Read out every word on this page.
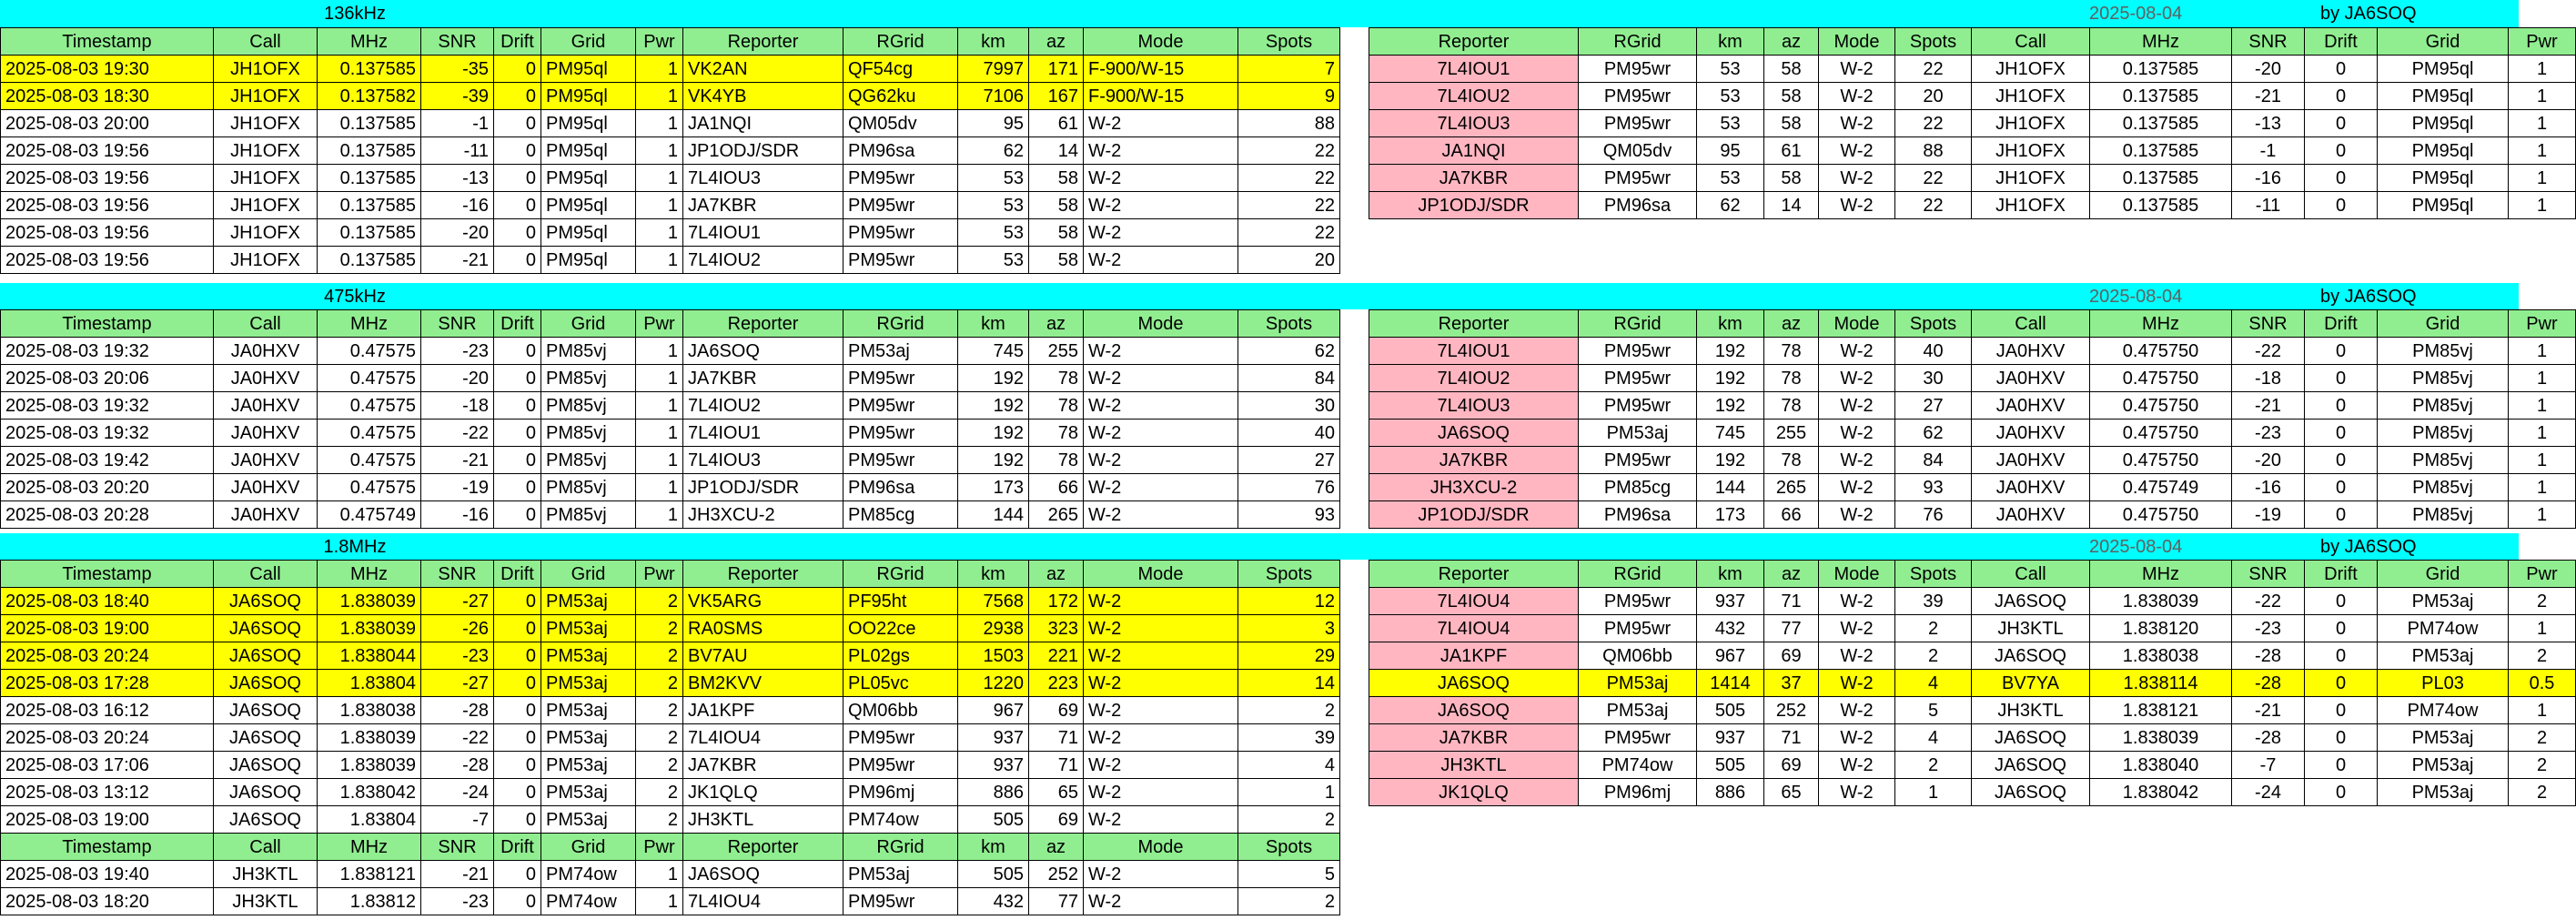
136kHz	2025-08-04	by JA6SOQ
Timestamp	Call	MHz	SNR	Drift	Grid	Pwr	Reporter	RGrid	km	az	Mode	Spots
2025-08-03 19:30	JH1OFX	0.137585	-35	0	PM95ql	1	VK2AN	QF54cg	7997	171	F-900/W-15	7
2025-08-03 18:30	JH1OFX	0.137582	-39	0	PM95ql	1	VK4YB	QG62ku	7106	167	F-900/W-15	9
2025-08-03 20:00	JH1OFX	0.137585	-1	0	PM95ql	1	JA1NQI	QM05dv	95	61	W-2	88
2025-08-03 19:56	JH1OFX	0.137585	-11	0	PM95ql	1	JP1ODJ/SDR	PM96sa	62	14	W-2	22
2025-08-03 19:56	JH1OFX	0.137585	-13	0	PM95ql	1	7L4IOU3	PM95wr	53	58	W-2	22
2025-08-03 19:56	JH1OFX	0.137585	-16	0	PM95ql	1	JA7KBR	PM95wr	53	58	W-2	22
2025-08-03 19:56	JH1OFX	0.137585	-20	0	PM95ql	1	7L4IOU1	PM95wr	53	58	W-2	22
2025-08-03 19:56	JH1OFX	0.137585	-21	0	PM95ql	1	7L4IOU2	PM95wr	53	58	W-2	20
Reporter	RGrid	km	az	Mode	Spots	Call	MHz	SNR	Drift	Grid	Pwr
7L4IOU1	PM95wr	53	58	W-2	22	JH1OFX	0.137585	-20	0	PM95ql	1
7L4IOU2	PM95wr	53	58	W-2	20	JH1OFX	0.137585	-21	0	PM95ql	1
7L4IOU3	PM95wr	53	58	W-2	22	JH1OFX	0.137585	-13	0	PM95ql	1
JA1NQI	QM05dv	95	61	W-2	88	JH1OFX	0.137585	-1	0	PM95ql	1
JA7KBR	PM95wr	53	58	W-2	22	JH1OFX	0.137585	-16	0	PM95ql	1
JP1ODJ/SDR	PM96sa	62	14	W-2	22	JH1OFX	0.137585	-11	0	PM95ql	1
475kHz	2025-08-04	by JA6SOQ
Timestamp	Call	MHz	SNR	Drift	Grid	Pwr	Reporter	RGrid	km	az	Mode	Spots
2025-08-03 19:32	JA0HXV	0.47575	-23	0	PM85vj	1	JA6SOQ	PM53aj	745	255	W-2	62
2025-08-03 20:06	JA0HXV	0.47575	-20	0	PM85vj	1	JA7KBR	PM95wr	192	78	W-2	84
2025-08-03 19:32	JA0HXV	0.47575	-18	0	PM85vj	1	7L4IOU2	PM95wr	192	78	W-2	30
2025-08-03 19:32	JA0HXV	0.47575	-22	0	PM85vj	1	7L4IOU1	PM95wr	192	78	W-2	40
2025-08-03 19:42	JA0HXV	0.47575	-21	0	PM85vj	1	7L4IOU3	PM95wr	192	78	W-2	27
2025-08-03 20:20	JA0HXV	0.47575	-19	0	PM85vj	1	JP1ODJ/SDR	PM96sa	173	66	W-2	76
2025-08-03 20:28	JA0HXV	0.475749	-16	0	PM85vj	1	JH3XCU-2	PM85cg	144	265	W-2	93
Reporter	RGrid	km	az	Mode	Spots	Call	MHz	SNR	Drift	Grid	Pwr
7L4IOU1	PM95wr	192	78	W-2	40	JA0HXV	0.475750	-22	0	PM85vj	1
7L4IOU2	PM95wr	192	78	W-2	30	JA0HXV	0.475750	-18	0	PM85vj	1
7L4IOU3	PM95wr	192	78	W-2	27	JA0HXV	0.475750	-21	0	PM85vj	1
JA6SOQ	PM53aj	745	255	W-2	62	JA0HXV	0.475750	-23	0	PM85vj	1
JA7KBR	PM95wr	192	78	W-2	84	JA0HXV	0.475750	-20	0	PM85vj	1
JH3XCU-2	PM85cg	144	265	W-2	93	JA0HXV	0.475749	-16	0	PM85vj	1
JP1ODJ/SDR	PM96sa	173	66	W-2	76	JA0HXV	0.475750	-19	0	PM85vj	1
1.8MHz	2025-08-04	by JA6SOQ
Timestamp	Call	MHz	SNR	Drift	Grid	Pwr	Reporter	RGrid	km	az	Mode	Spots
2025-08-03 18:40	JA6SOQ	1.838039	-27	0	PM53aj	2	VK5ARG	PF95ht	7568	172	W-2	12
2025-08-03 19:00	JA6SOQ	1.838039	-26	0	PM53aj	2	RA0SMS	OO22ce	2938	323	W-2	3
2025-08-03 20:24	JA6SOQ	1.838044	-23	0	PM53aj	2	BV7AU	PL02gs	1503	221	W-2	29
2025-08-03 17:28	JA6SOQ	1.83804	-27	0	PM53aj	2	BM2KVV	PL05vc	1220	223	W-2	14
2025-08-03 16:12	JA6SOQ	1.838038	-28	0	PM53aj	2	JA1KPF	QM06bb	967	69	W-2	2
2025-08-03 20:24	JA6SOQ	1.838039	-22	0	PM53aj	2	7L4IOU4	PM95wr	937	71	W-2	39
2025-08-03 17:06	JA6SOQ	1.838039	-28	0	PM53aj	2	JA7KBR	PM95wr	937	71	W-2	4
2025-08-03 13:12	JA6SOQ	1.838042	-24	0	PM53aj	2	JK1QLQ	PM96mj	886	65	W-2	1
2025-08-03 19:00	JA6SOQ	1.83804	-7	0	PM53aj	2	JH3KTL	PM74ow	505	69	W-2	2
Reporter	RGrid	km	az	Mode	Spots	Call	MHz	SNR	Drift	Grid	Pwr
7L4IOU4	PM95wr	937	71	W-2	39	JA6SOQ	1.838039	-22	0	PM53aj	2
7L4IOU4	PM95wr	432	77	W-2	2	JH3KTL	1.838120	-23	0	PM74ow	1
JA1KPF	QM06bb	967	69	W-2	2	JA6SOQ	1.838038	-28	0	PM53aj	2
JA6SOQ	PM53aj	1414	37	W-2	4	BV7YA	1.838114	-28	0	PL03	0.5
JA6SOQ	PM53aj	505	252	W-2	5	JH3KTL	1.838121	-21	0	PM74ow	1
JA7KBR	PM95wr	937	71	W-2	4	JA6SOQ	1.838039	-28	0	PM53aj	2
JH3KTL	PM74ow	505	69	W-2	2	JA6SOQ	1.838040	-7	0	PM53aj	2
JK1QLQ	PM96mj	886	65	W-2	1	JA6SOQ	1.838042	-24	0	PM53aj	2
Timestamp	Call	MHz	SNR	Drift	Grid	Pwr	Reporter	RGrid	km	az	Mode	Spots
2025-08-03 19:40	JH3KTL	1.838121	-21	0	PM74ow	1	JA6SOQ	PM53aj	505	252	W-2	5
2025-08-03 18:20	JH3KTL	1.83812	-23	0	PM74ow	1	7L4IOU4	PM95wr	432	77	W-2	2
